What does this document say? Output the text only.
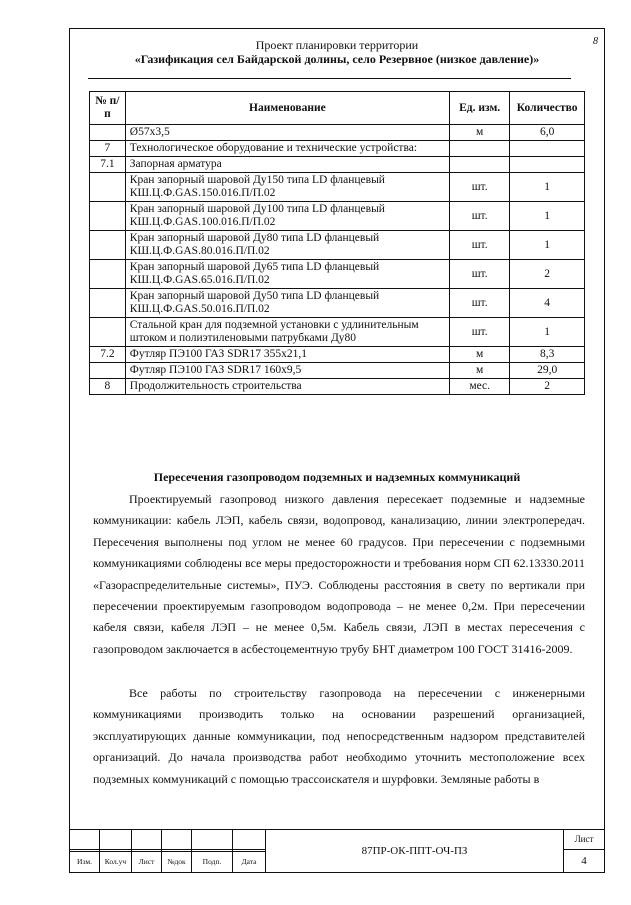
8
Проект планировки территории
«Газификация сел Байдарской долины, село Резервное (низкое давление)»
№ п/п	Наименование	Ед. изм.	Количество
	Ø57x3,5	м	6,0
7	Технологическое оборудование и технические устройства:		
7.1	Запорная арматура		
	Кран запорный шаровой Ду150 типа LD фланцевый КШ.Ц.Ф.GAS.150.016.П/П.02	шт.	1
	Кран запорный шаровой Ду100 типа LD фланцевый КШ.Ц.Ф.GAS.100.016.П/П.02	шт.	1
	Кран запорный шаровой Ду80 типа LD фланцевый КШ.Ц.Ф.GAS.80.016.П/П.02	шт.	1
	Кран запорный шаровой Ду65 типа LD фланцевый КШ.Ц.Ф.GAS.65.016.П/П.02	шт.	2
	Кран запорный шаровой Ду50 типа LD фланцевый КШ.Ц.Ф.GAS.50.016.П/П.02	шт.	4
	Стальной кран для подземной установки с удлинительным штоком и полиэтиленовыми патрубками Ду80	шт.	1
7.2	Футляр ПЭ100 ГАЗ SDR17 355x21,1	м	8,3
	Футляр ПЭ100 ГАЗ SDR17 160x9,5	м	29,0
8	Продолжительность строительства	мес.	2
Пересечения газопроводом подземных и надземных коммуникаций

Проектируемый газопровод низкого давления пересекает подземные и надземные коммуникации: кабель ЛЭП, кабель связи, водопровод, канализацию, линии электропередач. Пересечения выполнены под углом не менее 60 градусов. При пересечении с подземными коммуникациями соблюдены все меры предосторожности и требования норм СП 62.13330.2011 «Газораспределительные системы», ПУЭ. Соблюдены расстояния в свету по вертикали при пересечении проектируемым газопроводом водопровода – не менее 0,2м. При пересечении кабеля связи, кабеля ЛЭП – не менее 0,5м. Кабель связи, ЛЭП в местах пересечения с газопроводом заключается в асбестоцементную трубу БНТ диаметром 100 ГОСТ 31416-2009.

Все работы по строительству газопровода на пересечении с инженерными коммуникациями производить только на основании разрешений организацией, эксплуатирующих данные коммуникации, под непосредственным надзором представителей организаций. До начала производства работ необходимо уточнить местоположение всех подземных коммуникаций с помощью трассоискателя и шурфовки. Земляные работы в

						87ПР-ОК-ППТ-ОЧ-ПЗ	Лист
							4
Изм.	Кол.уч	Лист	№док	Подп.	Дата		
